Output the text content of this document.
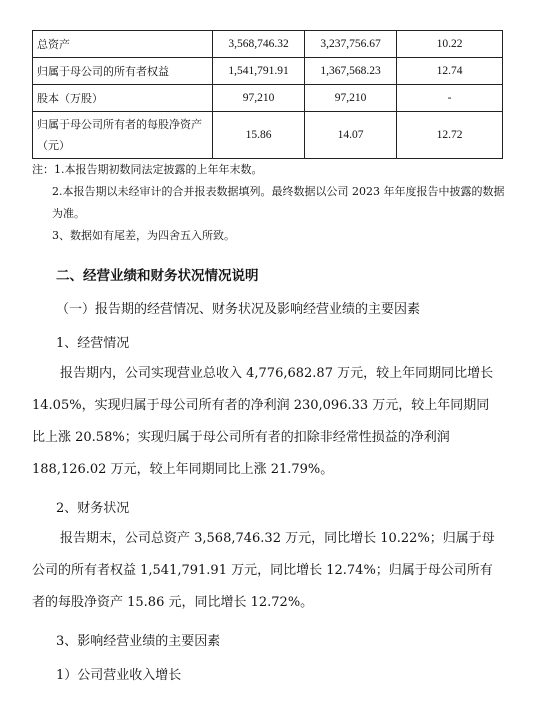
总资产	3,568,746.32	3,237,756.67	10.22
归属于母公司的所有者权益	1,541,791.91	1,367,568.23	12.74
股本（万股）	97,210	97,210	-
归属于母公司所有者的每股净资产（元）	15.86	14.07	12.72

注：1.本报告期初数同法定披露的上年年末数。

2.本报告期以未经审计的合并报表数据填列。最终数据以公司 2023 年年度报告中披露的数据为准。

3、数据如有尾差，为四舍五入所致。

二、经营业绩和财务状况情况说明

（一）报告期的经营情况、财务状况及影响经营业绩的主要因素

1、经营情况

报告期内，公司实现营业总收入 4,776,682.87 万元，较上年同期同比增长 14.05%，实现归属于母公司所有者的净利润 230,096.33 万元，较上年同期同比上涨 20.58%；实现归属于母公司所有者的扣除非经常性损益的净利润 188,126.02 万元，较上年同期同比上涨 21.79%。

2、财务状况

报告期末，公司总资产 3,568,746.32 万元，同比增长 10.22%；归属于母公司的所有者权益 1,541,791.91 万元，同比增长 12.74%；归属于母公司所有者的每股净资产 15.86 元，同比增长 12.72%。

3、影响经营业绩的主要因素

1）公司营业收入增长
